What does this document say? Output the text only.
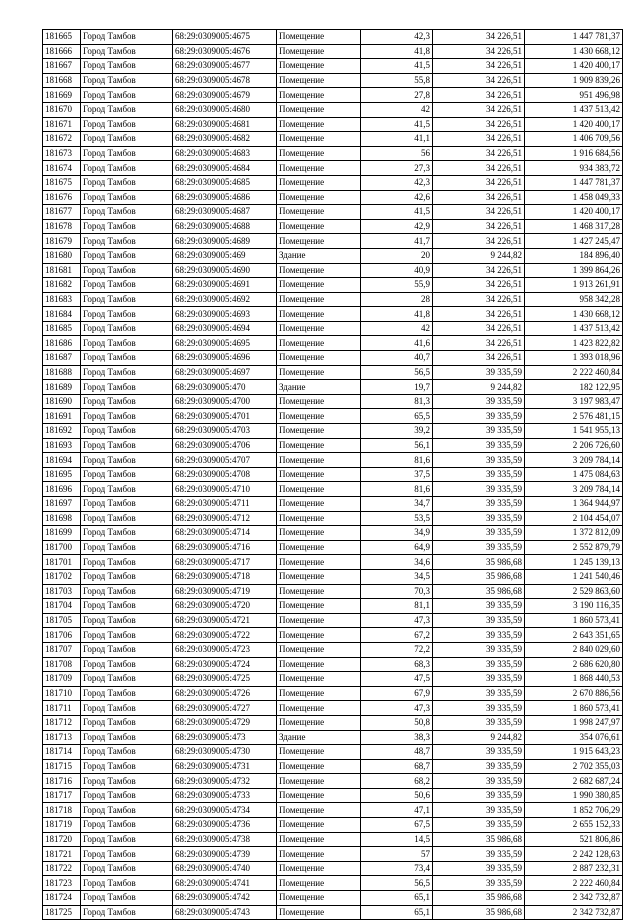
181665	Город Тамбов	68:29:0309005:4675	Помещение	42,3	34 226,51	1 447 781,37
181666	Город Тамбов	68:29:0309005:4676	Помещение	41,8	34 226,51	1 430 668,12
181667	Город Тамбов	68:29:0309005:4677	Помещение	41,5	34 226,51	1 420 400,17
181668	Город Тамбов	68:29:0309005:4678	Помещение	55,8	34 226,51	1 909 839,26
181669	Город Тамбов	68:29:0309005:4679	Помещение	27,8	34 226,51	951 496,98
181670	Город Тамбов	68:29:0309005:4680	Помещение	42	34 226,51	1 437 513,42
181671	Город Тамбов	68:29:0309005:4681	Помещение	41,5	34 226,51	1 420 400,17
181672	Город Тамбов	68:29:0309005:4682	Помещение	41,1	34 226,51	1 406 709,56
181673	Город Тамбов	68:29:0309005:4683	Помещение	56	34 226,51	1 916 684,56
181674	Город Тамбов	68:29:0309005:4684	Помещение	27,3	34 226,51	934 383,72
181675	Город Тамбов	68:29:0309005:4685	Помещение	42,3	34 226,51	1 447 781,37
181676	Город Тамбов	68:29:0309005:4686	Помещение	42,6	34 226,51	1 458 049,33
181677	Город Тамбов	68:29:0309005:4687	Помещение	41,5	34 226,51	1 420 400,17
181678	Город Тамбов	68:29:0309005:4688	Помещение	42,9	34 226,51	1 468 317,28
181679	Город Тамбов	68:29:0309005:4689	Помещение	41,7	34 226,51	1 427 245,47
181680	Город Тамбов	68:29:0309005:469	Здание	20	9 244,82	184 896,40
181681	Город Тамбов	68:29:0309005:4690	Помещение	40,9	34 226,51	1 399 864,26
181682	Город Тамбов	68:29:0309005:4691	Помещение	55,9	34 226,51	1 913 261,91
181683	Город Тамбов	68:29:0309005:4692	Помещение	28	34 226,51	958 342,28
181684	Город Тамбов	68:29:0309005:4693	Помещение	41,8	34 226,51	1 430 668,12
181685	Город Тамбов	68:29:0309005:4694	Помещение	42	34 226,51	1 437 513,42
181686	Город Тамбов	68:29:0309005:4695	Помещение	41,6	34 226,51	1 423 822,82
181687	Город Тамбов	68:29:0309005:4696	Помещение	40,7	34 226,51	1 393 018,96
181688	Город Тамбов	68:29:0309005:4697	Помещение	56,5	39 335,59	2 222 460,84
181689	Город Тамбов	68:29:0309005:470	Здание	19,7	9 244,82	182 122,95
181690	Город Тамбов	68:29:0309005:4700	Помещение	81,3	39 335,59	3 197 983,47
181691	Город Тамбов	68:29:0309005:4701	Помещение	65,5	39 335,59	2 576 481,15
181692	Город Тамбов	68:29:0309005:4703	Помещение	39,2	39 335,59	1 541 955,13
181693	Город Тамбов	68:29:0309005:4706	Помещение	56,1	39 335,59	2 206 726,60
181694	Город Тамбов	68:29:0309005:4707	Помещение	81,6	39 335,59	3 209 784,14
181695	Город Тамбов	68:29:0309005:4708	Помещение	37,5	39 335,59	1 475 084,63
181696	Город Тамбов	68:29:0309005:4710	Помещение	81,6	39 335,59	3 209 784,14
181697	Город Тамбов	68:29:0309005:4711	Помещение	34,7	39 335,59	1 364 944,97
181698	Город Тамбов	68:29:0309005:4712	Помещение	53,5	39 335,59	2 104 454,07
181699	Город Тамбов	68:29:0309005:4714	Помещение	34,9	39 335,59	1 372 812,09
181700	Город Тамбов	68:29:0309005:4716	Помещение	64,9	39 335,59	2 552 879,79
181701	Город Тамбов	68:29:0309005:4717	Помещение	34,6	35 986,68	1 245 139,13
181702	Город Тамбов	68:29:0309005:4718	Помещение	34,5	35 986,68	1 241 540,46
181703	Город Тамбов	68:29:0309005:4719	Помещение	70,3	35 986,68	2 529 863,60
181704	Город Тамбов	68:29:0309005:4720	Помещение	81,1	39 335,59	3 190 116,35
181705	Город Тамбов	68:29:0309005:4721	Помещение	47,3	39 335,59	1 860 573,41
181706	Город Тамбов	68:29:0309005:4722	Помещение	67,2	39 335,59	2 643 351,65
181707	Город Тамбов	68:29:0309005:4723	Помещение	72,2	39 335,59	2 840 029,60
181708	Город Тамбов	68:29:0309005:4724	Помещение	68,3	39 335,59	2 686 620,80
181709	Город Тамбов	68:29:0309005:4725	Помещение	47,5	39 335,59	1 868 440,53
181710	Город Тамбов	68:29:0309005:4726	Помещение	67,9	39 335,59	2 670 886,56
181711	Город Тамбов	68:29:0309005:4727	Помещение	47,3	39 335,59	1 860 573,41
181712	Город Тамбов	68:29:0309005:4729	Помещение	50,8	39 335,59	1 998 247,97
181713	Город Тамбов	68:29:0309005:473	Здание	38,3	9 244,82	354 076,61
181714	Город Тамбов	68:29:0309005:4730	Помещение	48,7	39 335,59	1 915 643,23
181715	Город Тамбов	68:29:0309005:4731	Помещение	68,7	39 335,59	2 702 355,03
181716	Город Тамбов	68:29:0309005:4732	Помещение	68,2	39 335,59	2 682 687,24
181717	Город Тамбов	68:29:0309005:4733	Помещение	50,6	39 335,59	1 990 380,85
181718	Город Тамбов	68:29:0309005:4734	Помещение	47,1	39 335,59	1 852 706,29
181719	Город Тамбов	68:29:0309005:4736	Помещение	67,5	39 335,59	2 655 152,33
181720	Город Тамбов	68:29:0309005:4738	Помещение	14,5	35 986,68	521 806,86
181721	Город Тамбов	68:29:0309005:4739	Помещение	57	39 335,59	2 242 128,63
181722	Город Тамбов	68:29:0309005:4740	Помещение	73,4	39 335,59	2 887 232,31
181723	Город Тамбов	68:29:0309005:4741	Помещение	56,5	39 335,59	2 222 460,84
181724	Город Тамбов	68:29:0309005:4742	Помещение	65,1	35 986,68	2 342 732,87
181725	Город Тамбов	68:29:0309005:4743	Помещение	65,1	35 986,68	2 342 732,87
